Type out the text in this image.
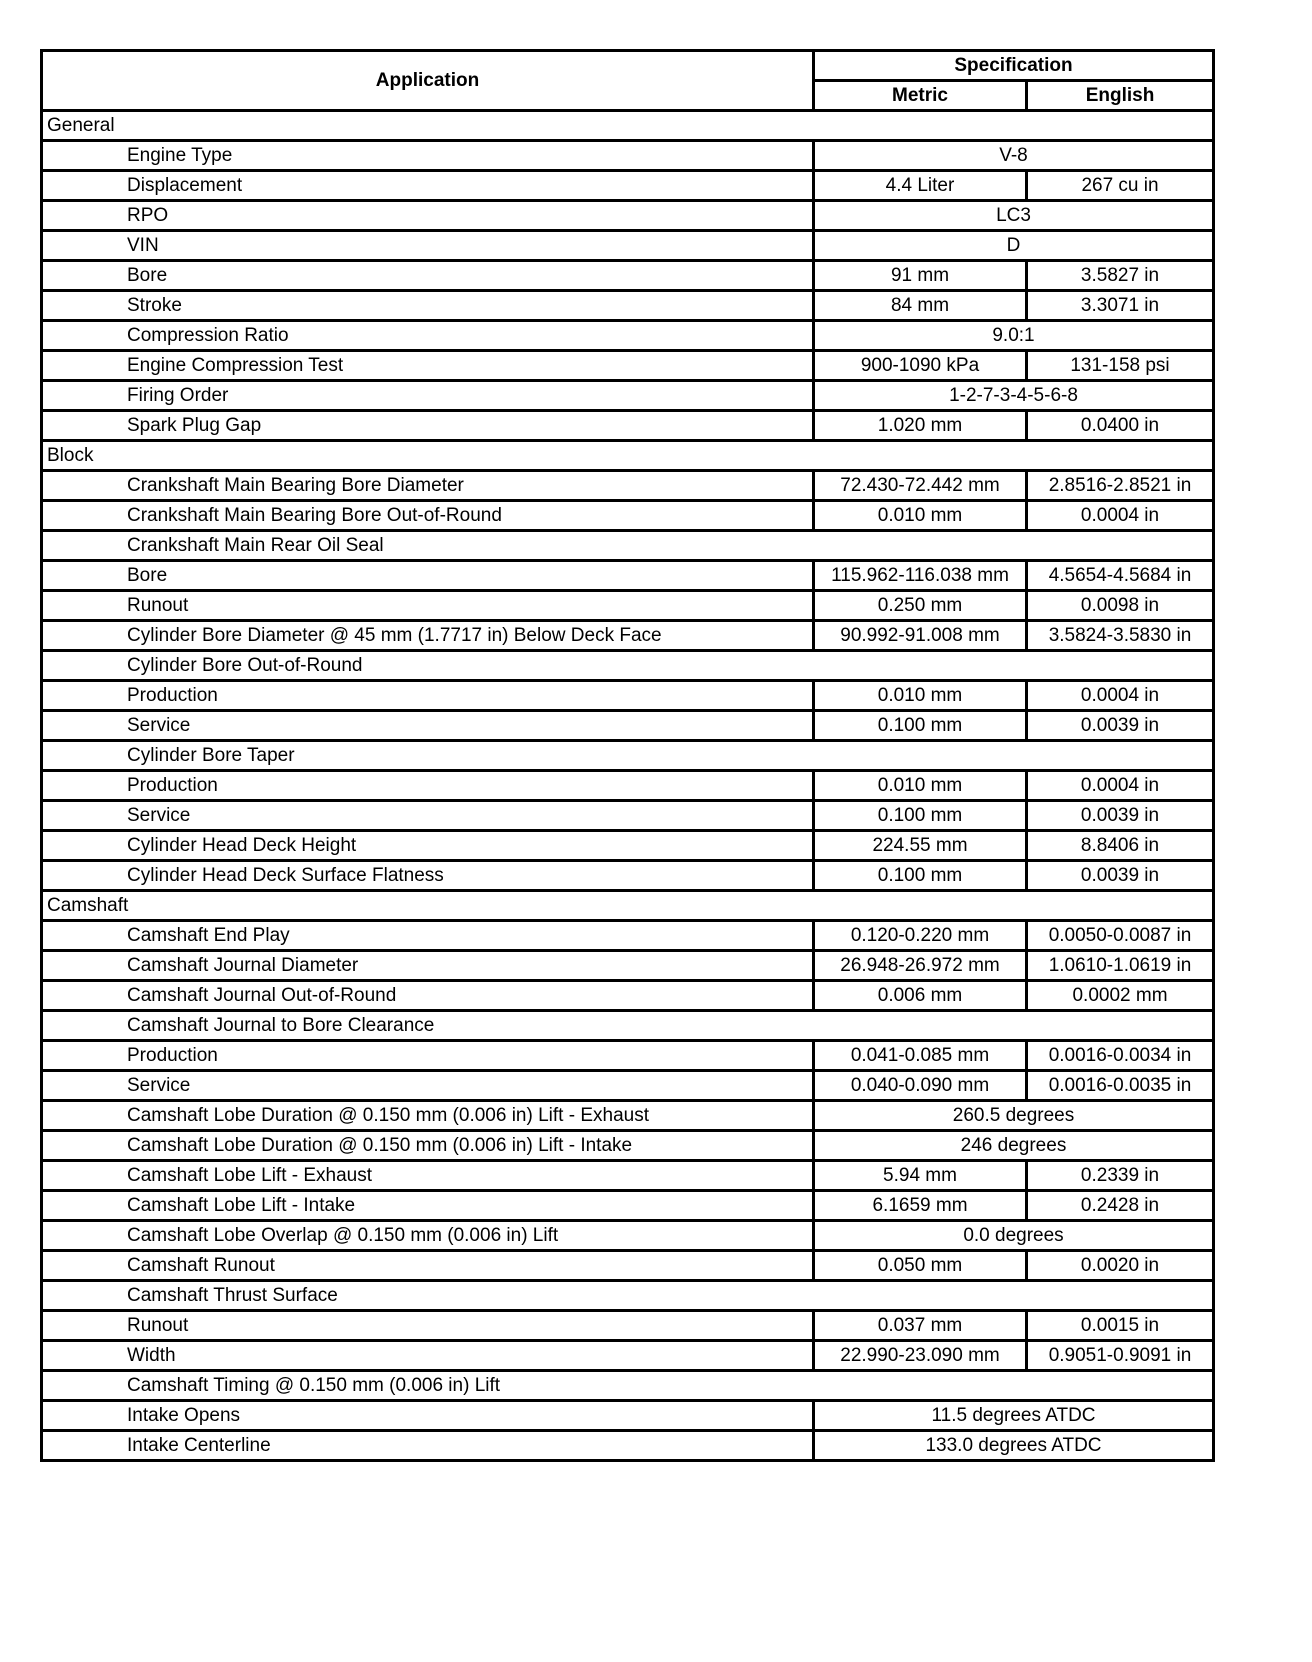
Application	Specification	
	Metric	English
General		
Engine Type	V-8	
Displacement	4.4 Liter	267 cu in
RPO	LC3	
VIN	D	
Bore	91 mm	3.5827 in
Stroke	84 mm	3.3071 in
Compression Ratio	9.0:1	
Engine Compression Test	900-1090 kPa	131-158 psi
Firing Order	1-2-7-3-4-5-6-8	
Spark Plug Gap	1.020 mm	0.0400 in
Block		
Crankshaft Main Bearing Bore Diameter	72.430-72.442 mm	2.8516-2.8521 in
Crankshaft Main Bearing Bore Out-of-Round	0.010 mm	0.0004 in
Crankshaft Main Rear Oil Seal		
Bore	115.962-116.038 mm	4.5654-4.5684 in
Runout	0.250 mm	0.0098 in
Cylinder Bore Diameter @ 45 mm (1.7717 in) Below Deck Face	90.992-91.008 mm	3.5824-3.5830 in
Cylinder Bore Out-of-Round		
Production	0.010 mm	0.0004 in
Service	0.100 mm	0.0039 in
Cylinder Bore Taper		
Production	0.010 mm	0.0004 in
Service	0.100 mm	0.0039 in
Cylinder Head Deck Height	224.55 mm	8.8406 in
Cylinder Head Deck Surface Flatness	0.100 mm	0.0039 in
Camshaft		
Camshaft End Play	0.120-0.220 mm	0.0050-0.0087 in
Camshaft Journal Diameter	26.948-26.972 mm	1.0610-1.0619 in
Camshaft Journal Out-of-Round	0.006 mm	0.0002 mm
Camshaft Journal to Bore Clearance		
Production	0.041-0.085 mm	0.0016-0.0034 in
Service	0.040-0.090 mm	0.0016-0.0035 in
Camshaft Lobe Duration @ 0.150 mm (0.006 in) Lift - Exhaust	260.5 degrees	
Camshaft Lobe Duration @ 0.150 mm (0.006 in) Lift - Intake	246 degrees	
Camshaft Lobe Lift - Exhaust	5.94 mm	0.2339 in
Camshaft Lobe Lift - Intake	6.1659 mm	0.2428 in
Camshaft Lobe Overlap @ 0.150 mm (0.006 in) Lift	0.0 degrees	
Camshaft Runout	0.050 mm	0.0020 in
Camshaft Thrust Surface		
Runout	0.037 mm	0.0015 in
Width	22.990-23.090 mm	0.9051-0.9091 in
Camshaft Timing @ 0.150 mm (0.006 in) Lift		
Intake Opens	11.5 degrees ATDC	
Intake Centerline	133.0 degrees ATDC	
